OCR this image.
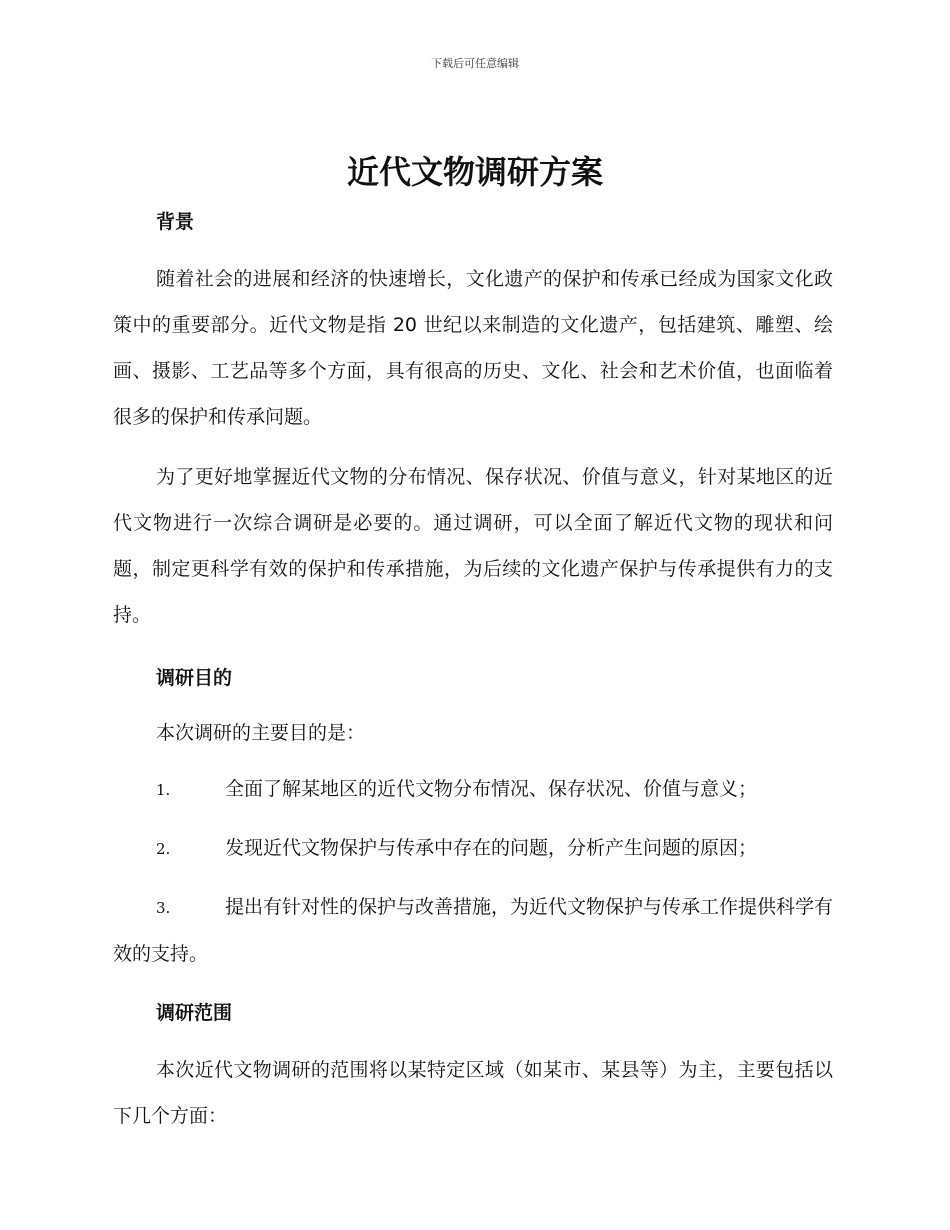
下载后可任意编辑
近代文物调研方案
背景

随着社会的进展和经济的快速增长，文化遗产的保护和传承已经成为国家文化政策中的重要部分。近代文物是指 20 世纪以来制造的文化遗产，包括建筑、雕塑、绘画、摄影、工艺品等多个方面，具有很高的历史、文化、社会和艺术价值，也面临着很多的保护和传承问题。

为了更好地掌握近代文物的分布情况、保存状况、价值与意义，针对某地区的近代文物进行一次综合调研是必要的。通过调研，可以全面了解近代文物的现状和问题，制定更科学有效的保护和传承措施，为后续的文化遗产保护与传承提供有力的支持。

调研目的

本次调研的主要目的是：

1.	全面了解某地区的近代文物分布情况、保存状况、价值与意义；

2.	发现近代文物保护与传承中存在的问题，分析产生问题的原因；

3.	提出有针对性的保护与改善措施，为近代文物保护与传承工作提供科学有效的支持。

调研范围

本次近代文物调研的范围将以某特定区域（如某市、某县等）为主，主要包括以下几个方面：
